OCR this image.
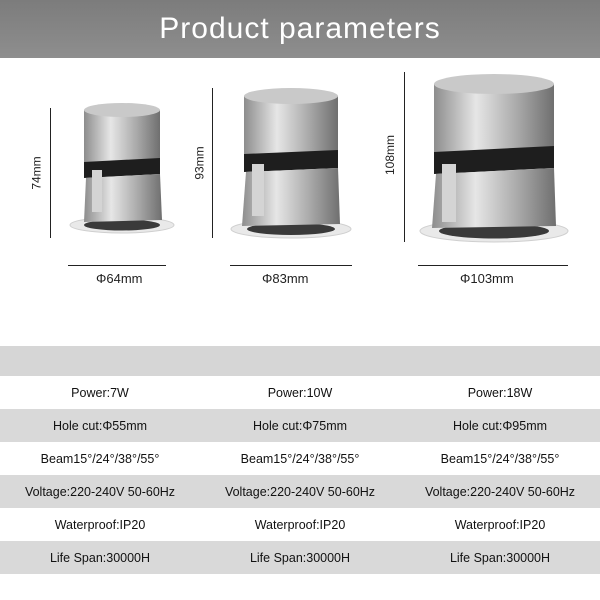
Product parameters
74mm
Φ64mm
93mm
Φ83mm
108mm
Φ103mm
Power:7W	Power:10W	Power:18W
Hole cut:Φ55mm	Hole cut:Φ75mm	Hole cut:Φ95mm
Beam15°/24°/38°/55°	Beam15°/24°/38°/55°	Beam15°/24°/38°/55°
Voltage:220-240V 50-60Hz	Voltage:220-240V 50-60Hz	Voltage:220-240V 50-60Hz
Waterproof:IP20	Waterproof:IP20	Waterproof:IP20
Life Span:30000H	Life Span:30000H	Life Span:30000H
